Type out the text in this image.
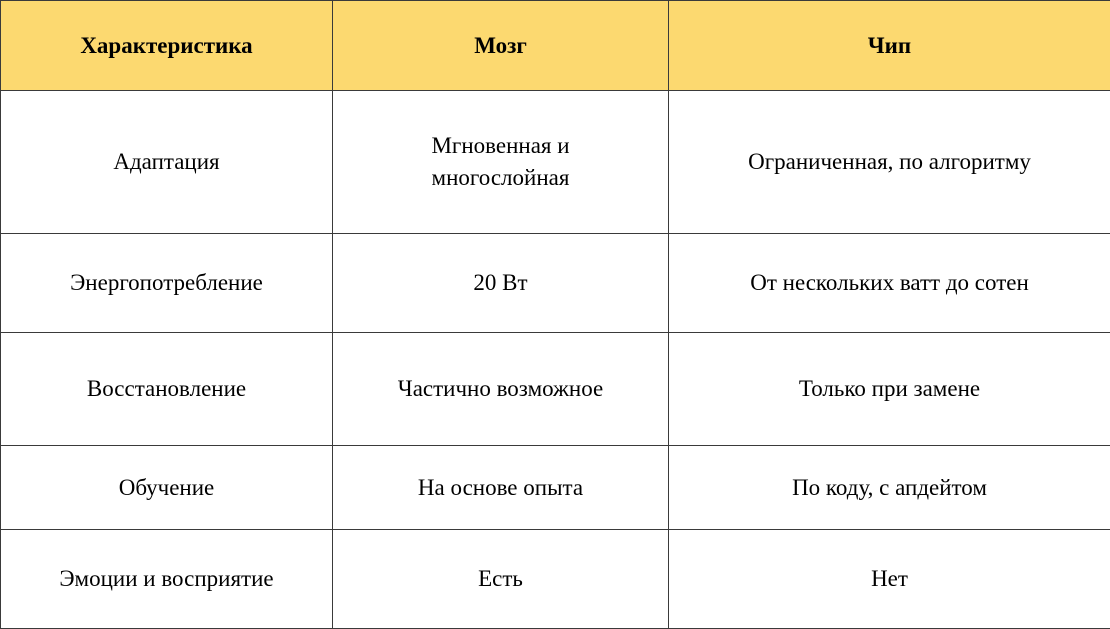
Характеристика	Мозг	Чип
Адаптация	Мгновенная и многослойная	Ограниченная, по алгоритму
Энергопотребление	20 Вт	От нескольких ватт до сотен
Восстановление	Частично возможное	Только при замене
Обучение	На основе опыта	По коду, с апдейтом
Эмоции и восприятие	Есть	Нет
